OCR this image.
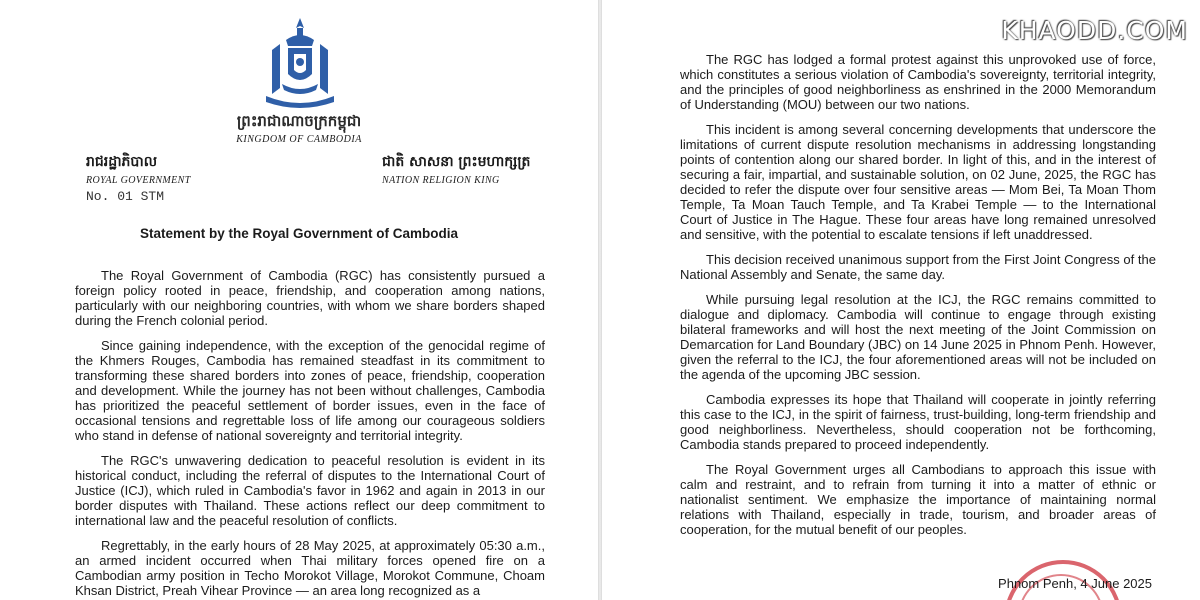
ព្រះរាជាណាចក្រកម្ពុជា
KINGDOM OF CAMBODIA
រាជរដ្ឋាភិបាល
ROYAL GOVERNMENT
No. 01 STM
ជាតិ សាសនា ព្រះមហាក្សត្រ
NATION RELIGION KING
Statement by the Royal Government of Cambodia

The Royal Government of Cambodia (RGC) has consistently pursued a foreign policy rooted in peace, friendship, and cooperation among nations, particularly with our neighboring countries, with whom we share borders shaped during the French colonial period.

Since gaining independence, with the exception of the genocidal regime of the Khmers Rouges, Cambodia has remained steadfast in its commitment to transforming these shared borders into zones of peace, friendship, cooperation and development. While the journey has not been without challenges, Cambodia has prioritized the peaceful settlement of border issues, even in the face of occasional tensions and regrettable loss of life among our courageous soldiers who stand in defense of national sovereignty and territorial integrity.

The RGC's unwavering dedication to peaceful resolution is evident in its historical conduct, including the referral of disputes to the International Court of Justice (ICJ), which ruled in Cambodia's favor in 1962 and again in 2013 in our border disputes with Thailand. These actions reflect our deep commitment to international law and the peaceful resolution of conflicts.

Regrettably, in the early hours of 28 May 2025, at approximately 05:30 a.m., an armed incident occurred when Thai military forces opened fire on a Cambodian army position in Techo Morokot Village, Morokot Commune, Choam Khsan District, Preah Vihear Province — an area long recognized as a

The RGC has lodged a formal protest against this unprovoked use of force, which constitutes a serious violation of Cambodia's sovereignty, territorial integrity, and the principles of good neighborliness as enshrined in the 2000 Memorandum of Understanding (MOU) between our two nations.

This incident is among several concerning developments that underscore the limitations of current dispute resolution mechanisms in addressing longstanding points of contention along our shared border. In light of this, and in the interest of securing a fair, impartial, and sustainable solution, on 02 June, 2025, the RGC has decided to refer the dispute over four sensitive areas — Mom Bei, Ta Moan Thom Temple, Ta Moan Tauch Temple, and Ta Krabei Temple — to the International Court of Justice in The Hague. These four areas have long remained unresolved and sensitive, with the potential to escalate tensions if left unaddressed.

This decision received unanimous support from the First Joint Congress of the National Assembly and Senate, the same day.

While pursuing legal resolution at the ICJ, the RGC remains committed to dialogue and diplomacy. Cambodia will continue to engage through existing bilateral frameworks and will host the next meeting of the Joint Commission on Demarcation for Land Boundary (JBC) on 14 June 2025 in Phnom Penh. However, given the referral to the ICJ, the four aforementioned areas will not be included on the agenda of the upcoming JBC session.

Cambodia expresses its hope that Thailand will cooperate in jointly referring this case to the ICJ, in the spirit of fairness, trust-building, long-term friendship and good neighborliness. Nevertheless, should cooperation not be forthcoming, Cambodia stands prepared to proceed independently.

The Royal Government urges all Cambodians to approach this issue with calm and restraint, and to refrain from turning it into a matter of ethnic or nationalist sentiment. We emphasize the importance of maintaining normal relations with Thailand, especially in trade, tourism, and broader areas of cooperation, for the mutual benefit of our peoples.

Phnom Penh, 4 June 2025
KHAODD.COM
